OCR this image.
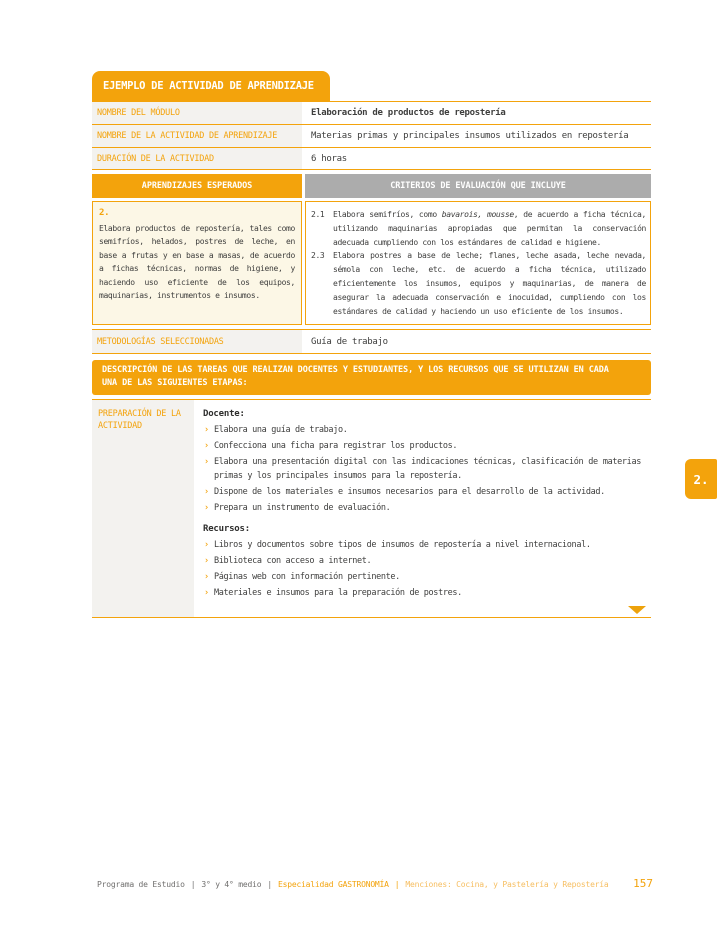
EJEMPLO DE ACTIVIDAD DE APRENDIZAJE
NOMBRE DEL MÓDULO	Elaboración de productos de repostería
NOMBRE DE LA ACTIVIDAD DE APRENDIZAJE	Materias primas y principales insumos utilizados en repostería
DURACIÓN DE LA ACTIVIDAD	6 horas
APRENDIZAJES ESPERADOS	CRITERIOS DE EVALUACIÓN QUE INCLUYE
2.
Elabora productos de repostería, tales como semifríos, helados, postres de leche, en base a frutas y en base a masas, de acuerdo a fichas técnicas, normas de higiene, y haciendo uso eficiente de los equipos, maquinarias, instrumentos e insumos.
2.1	Elabora semifríos, como bavarois, mousse, de acuerdo a ficha técnica, utilizando maquinarias apropiadas que permitan la conservación adecuada cumpliendo con los estándares de calidad e higiene.
2.3	Elabora postres a base de leche; flanes, leche asada, leche nevada, sémola con leche, etc. de acuerdo a ficha técnica, utilizado eficientemente los insumos, equipos y maquinarias, de manera de asegurar la adecuada conservación e inocuidad, cumpliendo con los estándares de calidad y haciendo un uso eficiente de los insumos.
METODOLOGÍAS SELECCIONADAS	Guía de trabajo
DESCRIPCIÓN DE LAS TAREAS QUE REALIZAN DOCENTES Y ESTUDIANTES, Y LOS RECURSOS QUE SE UTILIZAN EN CADA UNA DE LAS SIGUIENTES ETAPAS:
PREPARACIÓN DE LA ACTIVIDAD
Docente:
› Elabora una guía de trabajo.
› Confecciona una ficha para registrar los productos.
› Elabora una presentación digital con las indicaciones técnicas, clasificación de materias primas y los principales insumos para la repostería.
› Dispone de los materiales e insumos necesarios para el desarrollo de la actividad.
› Prepara un instrumento de evaluación.
Recursos:
› Libros y documentos sobre tipos de insumos de repostería a nivel internacional.
› Biblioteca con acceso a internet.
› Páginas web con información pertinente.
› Materiales e insumos para la preparación de postres.
2.
Programa de Estudio | 3° y 4° medio | Especialidad GASTRONOMÍA | Menciones: Cocina, y Pastelería y Repostería 157
